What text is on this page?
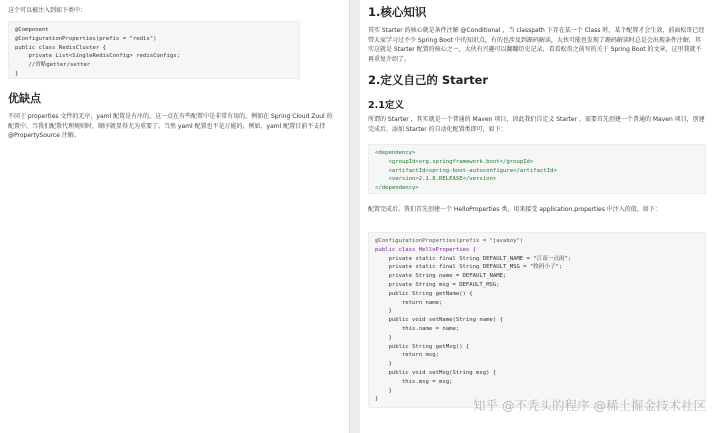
这个可以被注入到如下类中：
@Component
@ConfigurationProperties(prefix = "redis")
public class RedisCluster {
private List<SingleRedisConfig> redisConfigs;
//省略getter/setter
}
优缺点
不同于 properties 文件的无序，yaml 配置是有序的，这一点在有些配置中是非常有用的，例如在 Spring Cloud Zuul 的配置中，当我们配置代理规则时，顺序就显得尤为重要了。当然 yaml 配置也不是万能的，例如，yaml 配置目前不支持 @PropertySource 注解。
1.核心知识
其实 Starter 的核心就是条件注解 @Conditional ，当 classpath 下存在某一个 Class 时，某个配置才会生效，前面松哥已经带大家学习过不少 Spring Boot 中的知识点，有的也涉及到源码解读，大伙可能也发现了源码解读时总是会出现条件注解，其实这就是 Starter 配置的核心之一，大伙有兴趣可以翻翻历史记录，看看松哥之前写的关于 Spring Boot 的文章，这里我就不再重复介绍了。
2.定义自己的 Starter
2.1定义
所谓的 Starter ，其实就是一个普通的 Maven 项目，因此我们自定义 Starter ，需要首先创建一个普通的 Maven 项目，创建完成后，添加 Starter 的自动化配置类即可，如下：
<dependency>
<groupId>org.springframework.boot</groupId>
<artifactId>spring-boot-autoconfigure</artifactId>
<version>2.1.8.RELEASE</version>
</dependency>
配置完成后，我们首先创建一个 HelloProperties 类，用来接受 application.properties 中注入的值，如下：
@ConfigurationProperties(prefix = "javaboy")
public class HelloProperties {
private static final String DEFAULT_NAME = "江南一点雨";
private static final String DEFAULT_MSG = "牧码小子";
private String name = DEFAULT_NAME;
private String msg = DEFAULT_MSG;
public String getName() {
return name;
}
public void setName(String name) {
this.name = name;
}
public String getMsg() {
return msg;
}
public void setMsg(String msg) {
this.msg = msg;
}
}	知乎 @不秃头的程序 @稀土掘金技术社区
